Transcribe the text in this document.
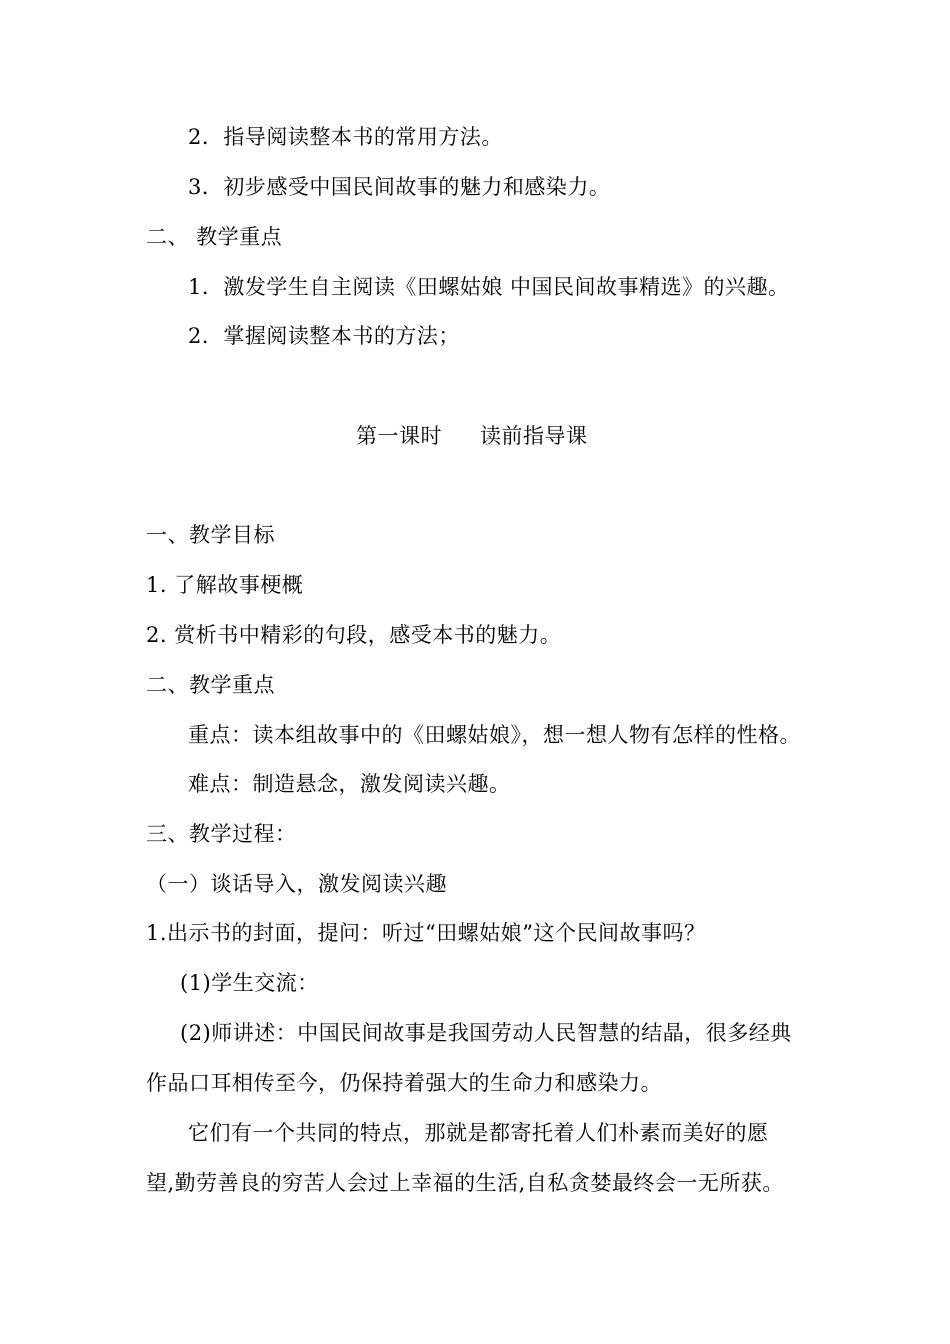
2．指导阅读整本书的常用方法。
3．初步感受中国民间故事的魅力和感染力。
二、 教学重点
1．激发学生自主阅读《田螺姑娘 中国民间故事精选》的兴趣。
2．掌握阅读整本书的方法；
第一课时 读前指导课
一、教学目标
1. 了解故事梗概
2. 赏析书中精彩的句段，感受本书的魅力。
二、教学重点
重点：读本组故事中的《田螺姑娘》，想一想人物有怎样的性格。
难点：制造悬念，激发阅读兴趣。
三、教学过程：
（一）谈话导入，激发阅读兴趣
1.出示书的封面，提问：听过“田螺姑娘”这个民间故事吗？
(1)学生交流：
(2)师讲述：中国民间故事是我国劳动人民智慧的结晶，很多经典
作品口耳相传至今，仍保持着强大的生命力和感染力。
它们有一个共同的特点，那就是都寄托着人们朴素而美好的愿
望,勤劳善良的穷苦人会过上幸福的生活,自私贪婪最终会一无所获。
